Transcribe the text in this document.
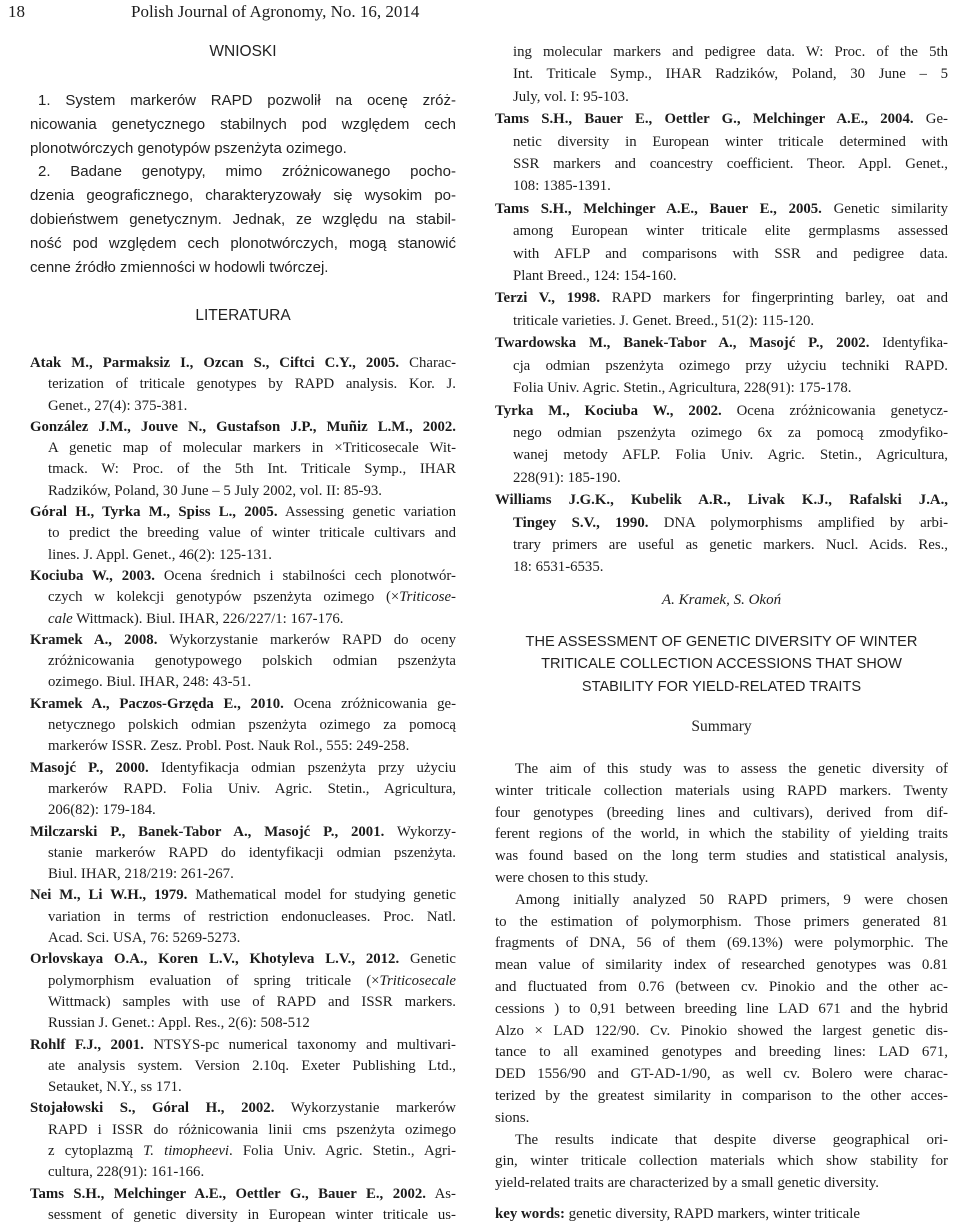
18	Polish Journal of Agronomy, No. 16, 2014
WNIOSKI
1. System markerów RAPD pozwolił na ocenę zróż-
nicowania genetycznego stabilnych pod względem cech
plonotwórczych genotypów pszenżyta ozimego.
2. Badane genotypy, mimo zróżnicowanego pocho-
dzenia geograficznego, charakteryzowały się wysokim po-
dobieństwem genetycznym. Jednak, ze względu na stabil-
ność pod względem cech plonotwórczych, mogą stanowić
cenne źródło zmienności w hodowli twórczej.
LITERATURA
Atak M., Parmaksiz I., Ozcan S., Ciftci C.Y., 2005. Charac-
terization of triticale genotypes by RAPD analysis. Kor. J.
Genet., 27(4): 375-381.
González J.M., Jouve N., Gustafson J.P., Muñiz L.M., 2002.
A genetic map of molecular markers in ×Triticosecale Wit-
tmack. W: Proc. of the 5th Int. Triticale Symp., IHAR
Radzików, Poland, 30 June – 5 July 2002, vol. II: 85-93.
Góral H., Tyrka M., Spiss L., 2005. Assessing genetic variation
to predict the breeding value of winter triticale cultivars and
lines. J. Appl. Genet., 46(2): 125-131.
Kociuba W., 2003. Ocena średnich i stabilności cech plonotwór-
czych w kolekcji genotypów pszenżyta ozimego (×Triticose-
cale Wittmack). Biul. IHAR, 226/227/1: 167-176.
Kramek A., 2008. Wykorzystanie markerów RAPD do oceny
zróżnicowania genotypowego polskich odmian pszenżyta
ozimego. Biul. IHAR, 248: 43-51.
Kramek A., Paczos-Grzęda E., 2010. Ocena zróżnicowania ge-
netycznego polskich odmian pszenżyta ozimego za pomocą
markerów ISSR. Zesz. Probl. Post. Nauk Rol., 555: 249-258.
Masojć P., 2000. Identyfikacja odmian pszenżyta przy użyciu
markerów RAPD. Folia Univ. Agric. Stetin., Agricultura,
206(82): 179-184.
Milczarski P., Banek-Tabor A., Masojć P., 2001. Wykorzy-
stanie markerów RAPD do identyfikacji odmian pszenżyta.
Biul. IHAR, 218/219: 261-267.
Nei M., Li W.H., 1979. Mathematical model for studying genetic
variation in terms of restriction endonucleases. Proc. Natl.
Acad. Sci. USA, 76: 5269-5273.
Orlovskaya O.A., Koren L.V., Khotyleva L.V., 2012. Genetic
polymorphism evaluation of spring triticale (×Triticosecale
Wittmack) samples with use of RAPD and ISSR markers.
Russian J. Genet.: Appl. Res., 2(6): 508-512
Rohlf F.J., 2001. NTSYS-pc numerical taxonomy and multivari-
ate analysis system. Version 2.10q. Exeter Publishing Ltd.,
Setauket, N.Y., ss 171.
Stojałowski S., Góral H., 2002. Wykorzystanie markerów
RAPD i ISSR do różnicowania linii cms pszenżyta ozimego
z cytoplazmą T. timopheevi. Folia Univ. Agric. Stetin., Agri-
cultura, 228(91): 161-166.
Tams S.H., Melchinger A.E., Oettler G., Bauer E., 2002. As-
sessment of genetic diversity in European winter triticale us-
ing molecular markers and pedigree data. W: Proc. of the 5th
Int. Triticale Symp., IHAR Radzików, Poland, 30 June – 5
July, vol. I: 95-103.
Tams S.H., Bauer E., Oettler G., Melchinger A.E., 2004. Ge-
netic diversity in European winter triticale determined with
SSR markers and coancestry coefficient. Theor. Appl. Genet.,
108: 1385-1391.
Tams S.H., Melchinger A.E., Bauer E., 2005. Genetic similarity
among European winter triticale elite germplasms assessed
with AFLP and comparisons with SSR and pedigree data.
Plant Breed., 124: 154-160.
Terzi V., 1998. RAPD markers for fingerprinting barley, oat and
triticale varieties. J. Genet. Breed., 51(2): 115-120.
Twardowska M., Banek-Tabor A., Masojć P., 2002. Identyfika-
cja odmian pszenżyta ozimego przy użyciu techniki RAPD.
Folia Univ. Agric. Stetin., Agricultura, 228(91): 175-178.
Tyrka M., Kociuba W., 2002. Ocena zróżnicowania genetycz-
nego odmian pszenżyta ozimego 6x za pomocą zmodyfiko-
wanej metody AFLP. Folia Univ. Agric. Stetin., Agricultura,
228(91): 185-190.
Williams J.G.K., Kubelik A.R., Livak K.J., Rafalski J.A.,
Tingey S.V., 1990. DNA polymorphisms amplified by arbi-
trary primers are useful as genetic markers. Nucl. Acids. Res.,
18: 6531-6535.
A. Kramek, S. Okoń
THE ASSESSMENT OF GENETIC DIVERSITY OF WINTER
TRITICALE COLLECTION ACCESSIONS THAT SHOW
STABILITY FOR YIELD-RELATED TRAITS
Summary
The aim of this study was to assess the genetic diversity of
winter triticale collection materials using RAPD markers. Twenty
four genotypes (breeding lines and cultivars), derived from dif-
ferent regions of the world, in which the stability of yielding traits
was found based on the long term studies and statistical analysis,
were chosen to this study.
Among initially analyzed 50 RAPD primers, 9 were chosen
to the estimation of polymorphism. Those primers generated 81
fragments of DNA, 56 of them (69.13%) were polymorphic. The
mean value of similarity index of researched genotypes was 0.81
and fluctuated from 0.76 (between cv. Pinokio and the other ac-
cessions ) to 0,91 between breeding line LAD 671 and the hybrid
Alzo × LAD 122/90. Cv. Pinokio showed the largest genetic dis-
tance to all examined genotypes and breeding lines: LAD 671,
DED 1556/90 and GT-AD-1/90, as well cv. Bolero were charac-
terized by the greatest similarity in comparison to the other acces-
sions.
The results indicate that despite diverse geographical ori-
gin, winter triticale collection materials which show stability for
yield-related traits are characterized by a small genetic diversity.
key words: genetic diversity, RAPD markers, winter triticale
